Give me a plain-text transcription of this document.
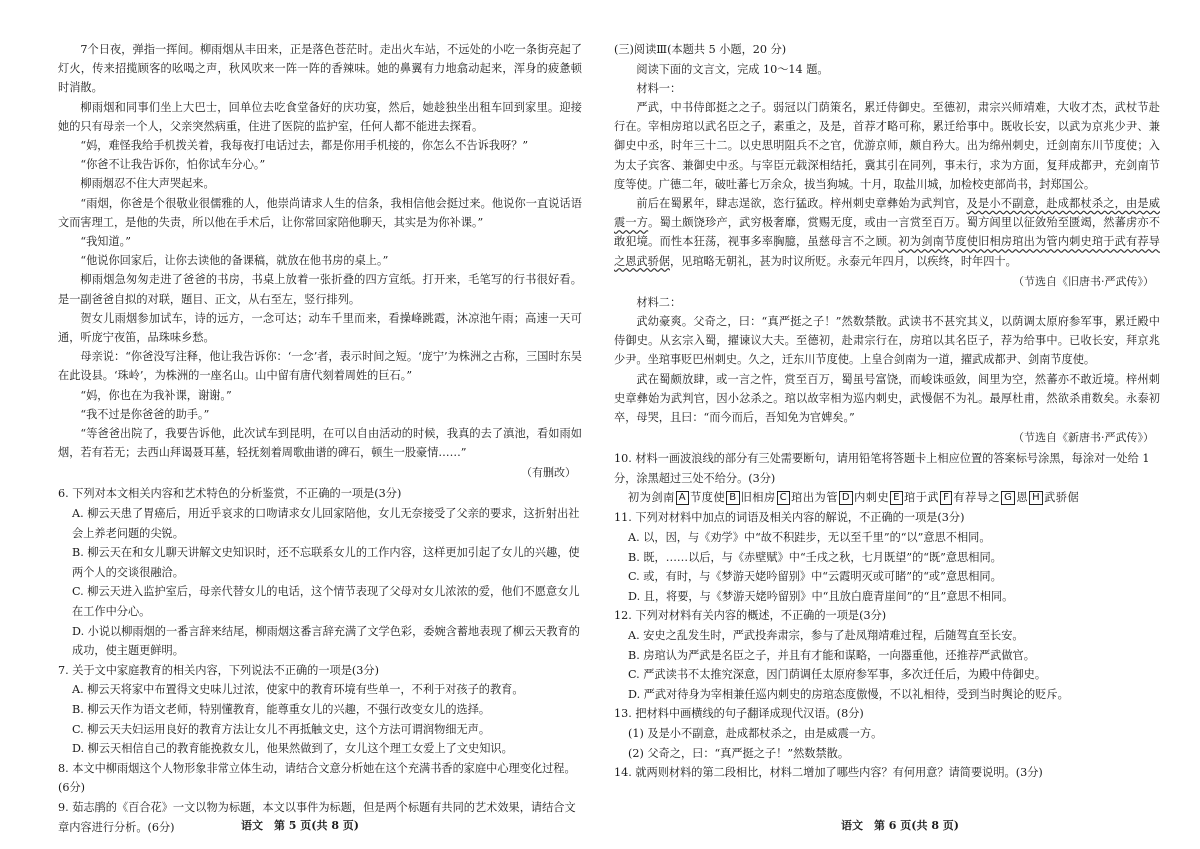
7个日夜，弹指一挥间。柳雨烟从丰田来，正是落色苍茫时。走出火车站，不远处的小吃一条街亮起了灯火，传来招揽顾客的吆喝之声，秋风吹来一阵一阵的香辣味。她的鼻翼有力地翕动起来，浑身的疲惫顿时消散。

柳雨烟和同事们坐上大巴士，回单位去吃食堂备好的庆功宴，然后，她趁独坐出租车回到家里。迎接她的只有母亲一个人，父亲突然病重，住进了医院的监护室，任何人都不能进去探看。

“妈，难怪我给手机拨关着，我每夜打电话过去，都是你用手机接的，你怎么不告诉我呀？”

“你爸不让我告诉你，怕你试车分心。”

柳雨烟忍不住大声哭起来。

“雨烟，你爸是个很敬业很儒雅的人，他崇尚请求人生的信条，我相信他会挺过来。他说你一直说话语文而害理工，是他的失责，所以他在手术后，让你常回家陪他聊天，其实是为你补课。”

“我知道。”

“他说你回家后，让你去读他的备课稿，就放在他书房的桌上。”

柳雨烟急匆匆走进了爸爸的书房，书桌上放着一张折叠的四方宣纸。打开来，毛笔写的行书很好看。是一副爸爸自拟的对联，题目、正文，从右至左，竖行排列。

贺女儿雨烟参加试车，诗的远方，一念可达；动车千里而来，看操峰跳霞，沐凉池午雨；高速一天可通，听庞宁夜笛，品珠味乡愁。

母亲说：“你爸没写注释，他让我告诉你：‘一念’者，表示时间之短。‘庞宁’为株洲之古称，三国时东吴在此设县。‘珠岭’，为株洲的一座名山。山中留有唐代刻着周姓的巨石。”

“妈，你也在为我补课，谢谢。”

“我不过是你爸爸的助手。”

“等爸爸出院了，我要告诉他，此次试车到昆明，在可以自由活动的时候，我真的去了滇池，看如雨如烟，若有若无；去西山拜谒聂耳墓，轻抚刻着周歌曲谱的碑石，顿生一股豪情……”

（有删改）

6. 下列对本文相关内容和艺术特色的分析鉴赏，不正确的一项是(3分)

A. 柳云天患了胃癌后，用近乎哀求的口吻请求女儿回家陪他，女儿无奈接受了父亲的要求，这折射出社会上养老问题的尖锐。

B. 柳云天在和女儿聊天讲解文史知识时，还不忘联系女儿的工作内容，这样更加引起了女儿的兴趣，使两个人的交谈很融洽。

C. 柳云天进入监护室后，母亲代替女儿的电话，这个情节表现了父母对女儿浓浓的爱，他们不愿意女儿在工作中分心。

D. 小说以柳雨烟的一番言辞来结尾，柳雨烟这番言辞充满了文学色彩，委婉含蓄地表现了柳云天教育的成功，使主题更鲜明。

7. 关于文中家庭教育的相关内容，下列说法不正确的一项是(3分)

A. 柳云天将家中布置得文史味儿过浓，使家中的教育环境有些单一，不利于对孩子的教育。

B. 柳云天作为语文老师，特别懂教育，能尊重女儿的兴趣，不强行改变女儿的选择。

C. 柳云天夫妇运用良好的教育方法让女儿不再抵触文史，这个方法可谓润物细无声。

D. 柳云天相信自己的教育能挽救女儿，他果然做到了，女儿这个理工女爱上了文史知识。

8. 本文中柳雨烟这个人物形象非常立体生动，请结合文意分析她在这个充满书香的家庭中心理变化过程。(6分)

9. 茹志鹃的《百合花》一文以物为标题，本文以事件为标题，但是两个标题有共同的艺术效果，请结合文章内容进行分析。(6分)	语文　第 5 页(共 8 页)

(三)阅读Ⅲ(本题共 5 小题，20 分)

阅读下面的文言文，完成 10～14 题。

材料一：

严武，中书侍郎挺之之子。弱冠以门荫策名，累迁侍御史。至德初，肃宗兴师靖难，大收才杰，武杖节赴行在。宰相房琯以武名臣之子，素重之，及是，首荐才略可称，累迁给事中。既收长安，以武为京兆少尹、兼御史中丞，时年三十二。以史思明阻兵不之官，优游京师，颇自矜大。出为绵州刺史，迁剑南东川节度使；入为太子宾客、兼御史中丞。与宰臣元载深相结托，冀其引在同列，事未行，求为方面，复拜成都尹，充剑南节度等使。广德二年，破吐蕃七万余众，拔当狗城。十月，取盐川城，加检校吏部尚书，封郑国公。

前后在蜀累年，肆志逞欲，恣行猛政。梓州刺史章彝始为武判官，及是小不副意，赴成都杖杀之，由是威震一方。蜀土颇饶珍产，武穷极奢靡，赏赐无度，或由一言赏至百万。蜀方闾里以征敛殆至匮竭，然蕃虏亦不敢犯境。而性本狂荡，视事多率胸臆，虽慈母言不之顾。初为剑南节度使旧相房琯出为管内刺史琯于武有荐导之恩武骄倨，见琯略无朝礼，甚为时议所贬。永泰元年四月，以疾终，时年四十。

（节选自《旧唐书·严武传》）

材料二：

武幼豪爽。父奇之，曰：“真严挺之子！”然数禁散。武读书不甚究其义，以荫调太原府参军事，累迁殿中侍御史。从玄宗入蜀，擢谏议大夫。至德初，赴肃宗行在，房琯以其名臣子，荐为给事中。已收长安，拜京兆少尹。坐琯事贬巴州刺史。久之，迁东川节度使。上皇合剑南为一道，擢武成都尹、剑南节度使。

武在蜀颇放肆，或一言之忤，赏至百万，蜀虽号富饶，而峻诛亟敛，闾里为空，然蕃亦不敢近境。梓州刺史章彝始为武判官，因小忿杀之。琯以故宰相为巡内刺史，武慢倨不为礼。最厚杜甫，然欲杀甫数矣。永泰初卒，母哭，且曰：“而今而后，吾知免为官婢矣。”

（节选自《新唐书·严武传》）

10. 材料一画波浪线的部分有三处需要断句，请用铅笔将答题卡上相应位置的答案标号涂黑，每涂对一处给 1 分，涂黑超过三处不给分。(3分)

初为剑南 A 节度使 B 旧相房 C 琯出为管 D 内刺史 E 琯于武 F 有荐导之 G 恩 H 武骄倨

11. 下列对材料中加点的词语及相关内容的解说，不正确的一项是(3分)

A. 以，因，与《劝学》中“故不积跬步，无以至千里”的“以”意思不相同。

B. 既，……以后，与《赤壁赋》中“壬戌之秋，七月既望”的“既”意思相同。

C. 或，有时，与《梦游天姥吟留别》中“云霞明灭或可睹”的“或”意思相同。

D. 且，将要，与《梦游天姥吟留别》中“且放白鹿青崖间”的“且”意思不相同。

12. 下列对材料有关内容的概述，不正确的一项是(3分)

A. 安史之乱发生时，严武投奔肃宗，参与了赴凤翔靖难过程，后随驾直至长安。

B. 房琯认为严武是名臣之子，并且有才能和谋略，一向器重他，还推荐严武做官。

C. 严武读书不太推究深意，因门荫调任太原府参军事，多次迁任后，为殿中侍御史。

D. 严武对待身为宰相兼任巡内刺史的房琯态度傲慢，不以礼相待，受到当时舆论的贬斥。

13. 把材料中画横线的句子翻译成现代汉语。(8分)

(1) 及是小不副意，赴成都杖杀之，由是威震一方。

(2) 父奇之，曰：“真严挺之子！”然数禁散。

14. 就两则材料的第二段相比，材料二增加了哪些内容？有何用意？请简要说明。(3分)

语文　第 6 页(共 8 页)
